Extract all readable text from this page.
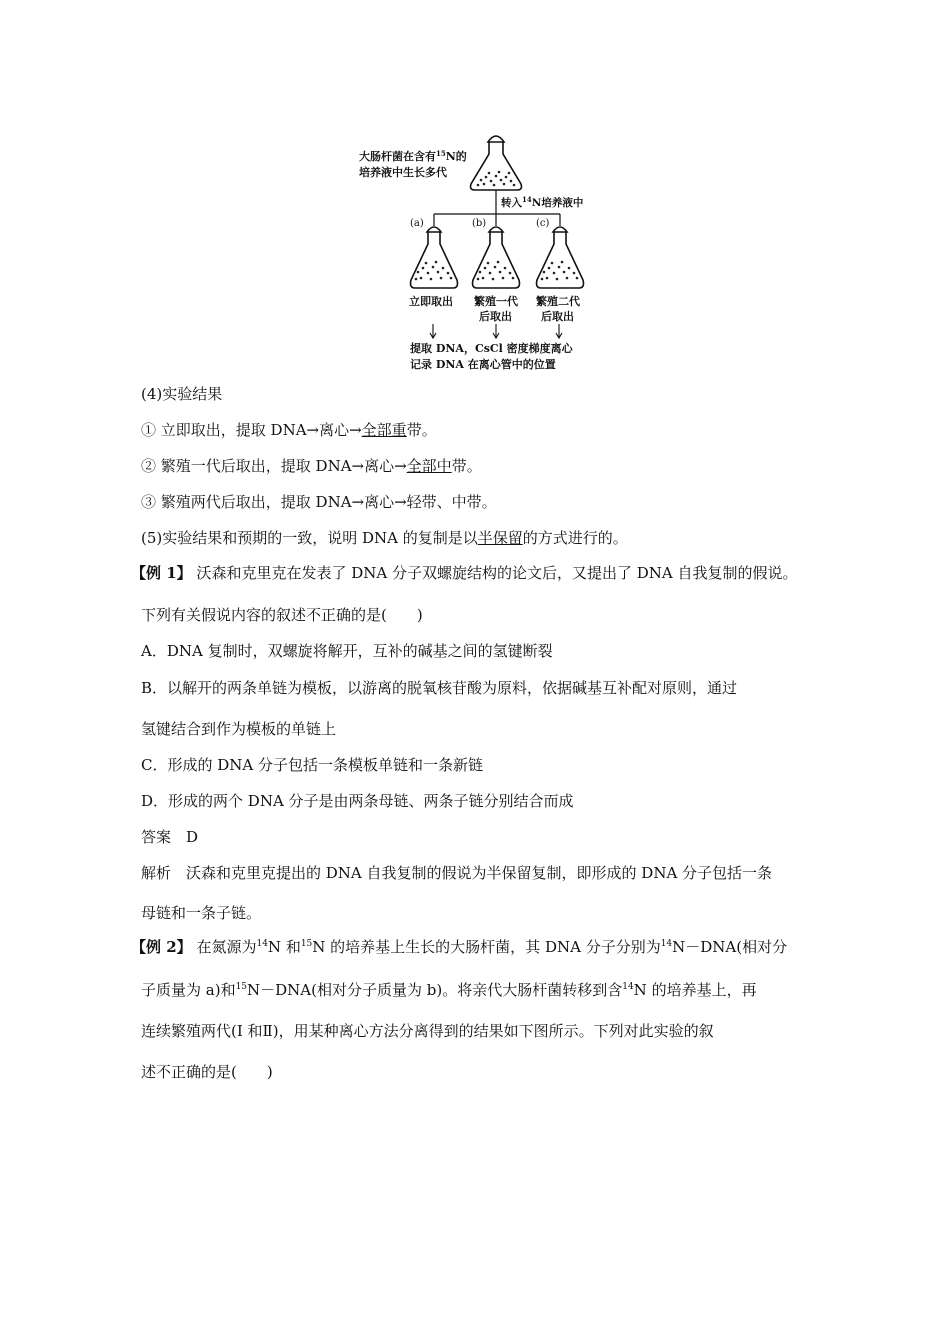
大肠杆菌在含有$^{15}$N的
培养液中生长多代
转入$^{14}$N培养液中
(a)	(b)	(c)
立即取出 繁殖一代
后取出
繁殖二代
后取出
提取 DNA，CsCl 密度梯度离心
记录 DNA 在离心管中的位置
(4)实验结果
① 立即取出，提取 DNA→离心→全部重带。
② 繁殖一代后取出，提取 DNA→离心→全部中带。
③ 繁殖两代后取出，提取 DNA→离心→轻带、中带。
(5)实验结果和预期的一致，说明 DNA 的复制是以半保留的方式进行的。
【例 1】 沃森和克里克在发表了 DNA 分子双螺旋结构的论文后，又提出了 DNA 自我复制的假说。
下列有关假说内容的叙述不正确的是(　　)
A．DNA 复制时，双螺旋将解开，互补的碱基之间的氢键断裂
B．以解开的两条单链为模板，以游离的脱氧核苷酸为原料，依据碱基互补配对原则，通过
氢键结合到作为模板的单链上
C．形成的 DNA 分子包括一条模板单链和一条新链
D．形成的两个 DNA 分子是由两条母链、两条子链分别结合而成
答案　D
解析　沃森和克里克提出的 DNA 自我复制的假说为半保留复制，即形成的 DNA 分子包括一条
母链和一条子链。
【例 2】 在氮源为$^{14}$N 和$^{15}$N 的培养基上生长的大肠杆菌，其 DNA 分子分别为$^{14}$N－DNA(相对分
子质量为 a)和$^{15}$N－DNA(相对分子质量为 b)。将亲代大肠杆菌转移到含$^{14}$N 的培养基上，再
连续繁殖两代(Ⅰ 和Ⅱ)，用某种离心方法分离得到的结果如下图所示。下列对此实验的叙
述不正确的是(　　)
